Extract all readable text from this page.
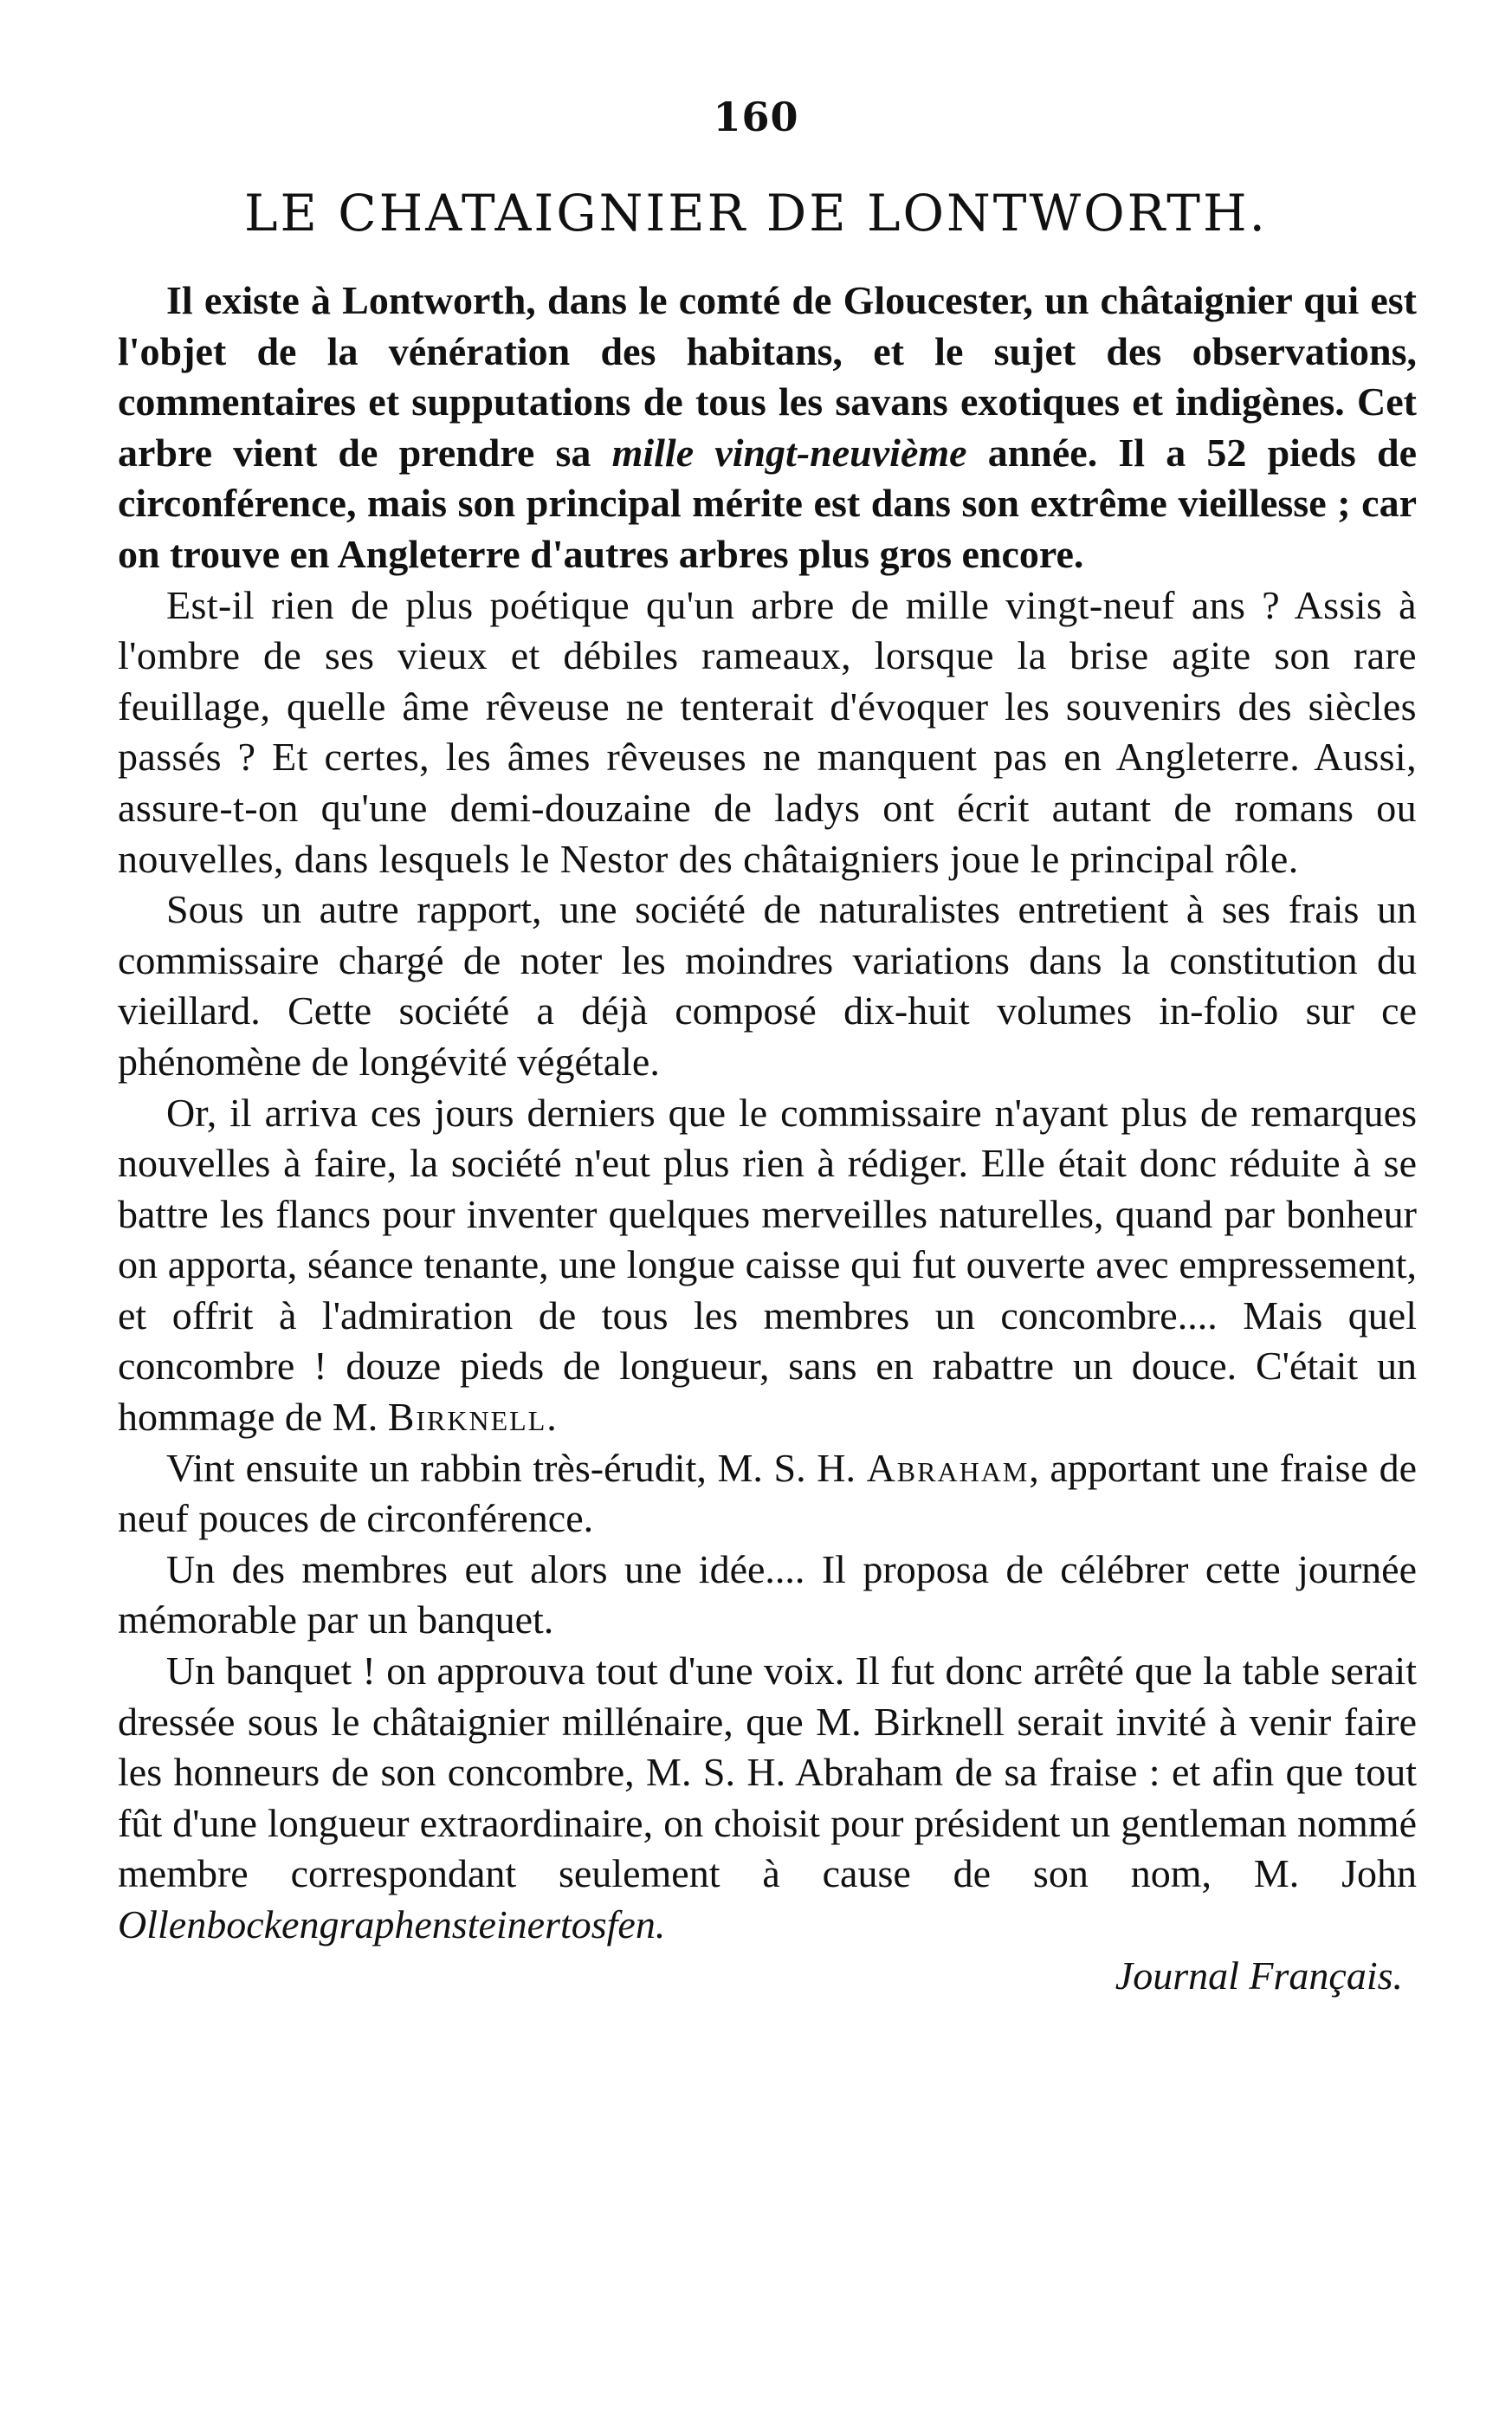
160
LE CHATAIGNIER DE LONTWORTH.

Il existe à Lontworth, dans le comté de Gloucester, un châtaignier qui est l'objet de la vénération des habitans, et le sujet des observations, commentaires et supputations de tous les savans exotiques et indigènes. Cet arbre vient de prendre sa mille vingt-neuvième année. Il a 52 pieds de circonférence, mais son principal mérite est dans son extrême vieillesse ; car on trouve en Angleterre d'autres arbres plus gros encore.

Est-il rien de plus poétique qu'un arbre de mille vingt-neuf ans ? Assis à l'ombre de ses vieux et débiles rameaux, lorsque la brise agite son rare feuillage, quelle âme rêveuse ne tenterait d'évoquer les souvenirs des siècles passés ? Et certes, les âmes rêveuses ne manquent pas en Angleterre. Aussi, assure-t-on qu'une demi-douzaine de ladys ont écrit autant de romans ou nouvelles, dans lesquels le Nestor des châtaigniers joue le principal rôle.

Sous un autre rapport, une société de naturalistes entretient à ses frais un commissaire chargé de noter les moindres variations dans la constitution du vieillard. Cette société a déjà composé dix-huit volumes in-folio sur ce phénomène de longévité végétale.

Or, il arriva ces jours derniers que le commissaire n'ayant plus de remarques nouvelles à faire, la société n'eut plus rien à rédiger. Elle était donc réduite à se battre les flancs pour inventer quelques merveilles naturelles, quand par bonheur on apporta, séance tenante, une longue caisse qui fut ouverte avec empressement, et offrit à l'admiration de tous les membres un concombre.... Mais quel concombre ! douze pieds de longueur, sans en rabattre un douce. C'était un hommage de M. Birknell.

Vint ensuite un rabbin très-érudit, M. S. H. Abraham, apportant une fraise de neuf pouces de circonférence.

Un des membres eut alors une idée.... Il proposa de célébrer cette journée mémorable par un banquet.

Un banquet ! on approuva tout d'une voix. Il fut donc arrêté que la table serait dressée sous le châtaignier millénaire, que M. Birknell serait invité à venir faire les honneurs de son concombre, M. S. H. Abraham de sa fraise : et afin que tout fût d'une longueur extraordinaire, on choisit pour président un gentleman nommé membre correspondant seulement à cause de son nom, M. John Ollenbockengraphensteinertosfen.

Journal Français.
